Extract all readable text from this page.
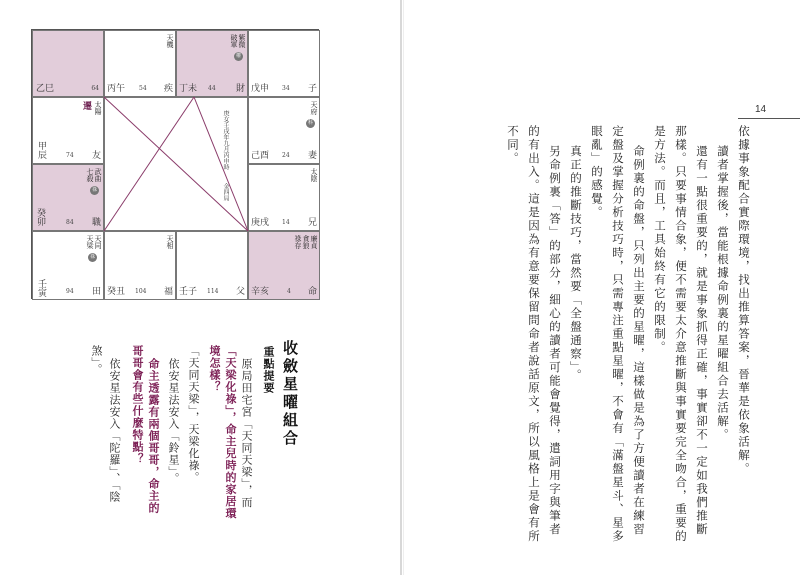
乙巳	64
天機
丙午 54 疾
紫微
破軍
權
丁未 44 財 戊申 34 子
遷 太陽
甲辰	74 友
武曲
七殺
祿
癸卯	84 職
天府
科
己酉 24 妻
太陰
庚戌 14 兄
天同
天梁
祿
壬寅	94 田
天相
癸丑 104 福 壬子 114 父
廉貞
貪狼
祿存
辛亥	4 命
庚女壬戌年九月丙申時
金四局
收斂星曜組合
重點提要
原局田宅宮「天同天梁」，而
「天梁化祿」，命主兒時的家居環
境怎樣？
「天同天梁」，天梁化祿。
依安星法安入「鈴星」。
命主透露有兩個哥哥，命主的
哥哥會有些什麼特點？
依安星法安入「陀羅」、「陰
煞」。
14
依據事象配合實際環境，找出推算答案，晉華是依象活解。
讀者掌握後，當能根據命例裏的星曜組合去活解。
還有一點很重要的，就是事象抓得正確，事實卻不一定如我們推斷
那樣。只要事情合象，便不需要太介意推斷與事實要完全吻合，重要的
是方法。而且，工具始終有它的限制。
命例裏的命盤，只列出主要的星曜，這樣做是為了方便讀者在練習
定盤及掌握分析技巧時，只需專注重點星曜，不會有「滿盤星斗、星多
眼亂」的感覺。
真正的推斷技巧，當然要「全盤通察」。
另命例裏「答」的部分，細心的讀者可能會覺得，遣詞用字與筆者
的有出入。這是因為有意要保留問命者說話原文，所以風格上是會有所
不同。
